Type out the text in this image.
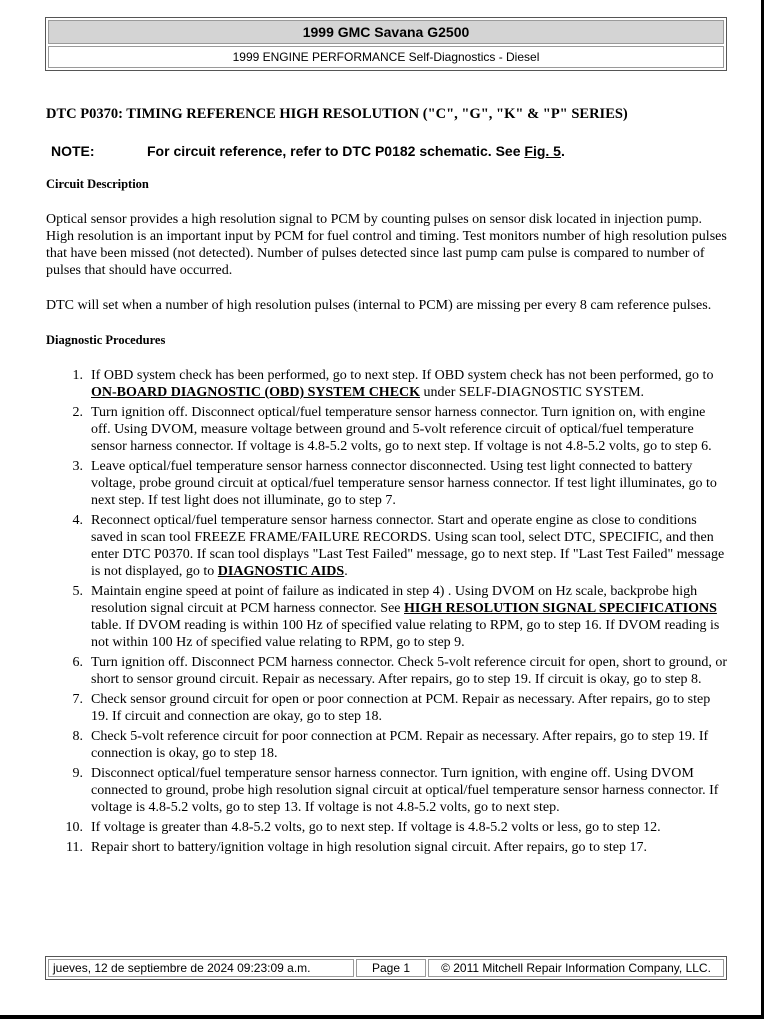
1999 GMC Savana G2500
1999 ENGINE PERFORMANCE Self-Diagnostics - Diesel
DTC P0370: TIMING REFERENCE HIGH RESOLUTION ("C", "G", "K" & "P" SERIES)
NOTE:	For circuit reference, refer to DTC P0182 schematic. See Fig. 5.
Circuit Description
Optical sensor provides a high resolution signal to PCM by counting pulses on sensor disk located in injection pump. High resolution is an important input by PCM for fuel control and timing. Test monitors number of high resolution pulses that have been missed (not detected). Number of pulses detected since last pump cam pulse is compared to number of pulses that should have occurred.
DTC will set when a number of high resolution pulses (internal to PCM) are missing per every 8 cam reference pulses.
Diagnostic Procedures
1. If OBD system check has been performed, go to next step. If OBD system check has not been performed, go to ON-BOARD DIAGNOSTIC (OBD) SYSTEM CHECK under SELF-DIAGNOSTIC SYSTEM.
2. Turn ignition off. Disconnect optical/fuel temperature sensor harness connector. Turn ignition on, with engine off. Using DVOM, measure voltage between ground and 5-volt reference circuit of optical/fuel temperature sensor harness connector. If voltage is 4.8-5.2 volts, go to next step. If voltage is not 4.8-5.2 volts, go to step 6.
3. Leave optical/fuel temperature sensor harness connector disconnected. Using test light connected to battery voltage, probe ground circuit at optical/fuel temperature sensor harness connector. If test light illuminates, go to next step. If test light does not illuminate, go to step 7.
4. Reconnect optical/fuel temperature sensor harness connector. Start and operate engine as close to conditions saved in scan tool FREEZE FRAME/FAILURE RECORDS. Using scan tool, select DTC, SPECIFIC, and then enter DTC P0370. If scan tool displays "Last Test Failed" message, go to next step. If "Last Test Failed" message is not displayed, go to DIAGNOSTIC AIDS.
5. Maintain engine speed at point of failure as indicated in step 4) . Using DVOM on Hz scale, backprobe high resolution signal circuit at PCM harness connector. See HIGH RESOLUTION SIGNAL SPECIFICATIONS table. If DVOM reading is within 100 Hz of specified value relating to RPM, go to step 16. If DVOM reading is not within 100 Hz of specified value relating to RPM, go to step 9.
6. Turn ignition off. Disconnect PCM harness connector. Check 5-volt reference circuit for open, short to ground, or short to sensor ground circuit. Repair as necessary. After repairs, go to step 19. If circuit is okay, go to step 8.
7. Check sensor ground circuit for open or poor connection at PCM. Repair as necessary. After repairs, go to step 19. If circuit and connection are okay, go to step 18.
8. Check 5-volt reference circuit for poor connection at PCM. Repair as necessary. After repairs, go to step 19. If connection is okay, go to step 18.
9. Disconnect optical/fuel temperature sensor harness connector. Turn ignition, with engine off. Using DVOM connected to ground, probe high resolution signal circuit at optical/fuel temperature sensor harness connector. If voltage is 4.8-5.2 volts, go to step 13. If voltage is not 4.8-5.2 volts, go to next step.
10. If voltage is greater than 4.8-5.2 volts, go to next step. If voltage is 4.8-5.2 volts or less, go to step 12.
11. Repair short to battery/ignition voltage in high resolution signal circuit. After repairs, go to step 17.
jueves, 12 de septiembre de 2024 09:23:09 a.m.	Page 1	© 2011 Mitchell Repair Information Company, LLC.
